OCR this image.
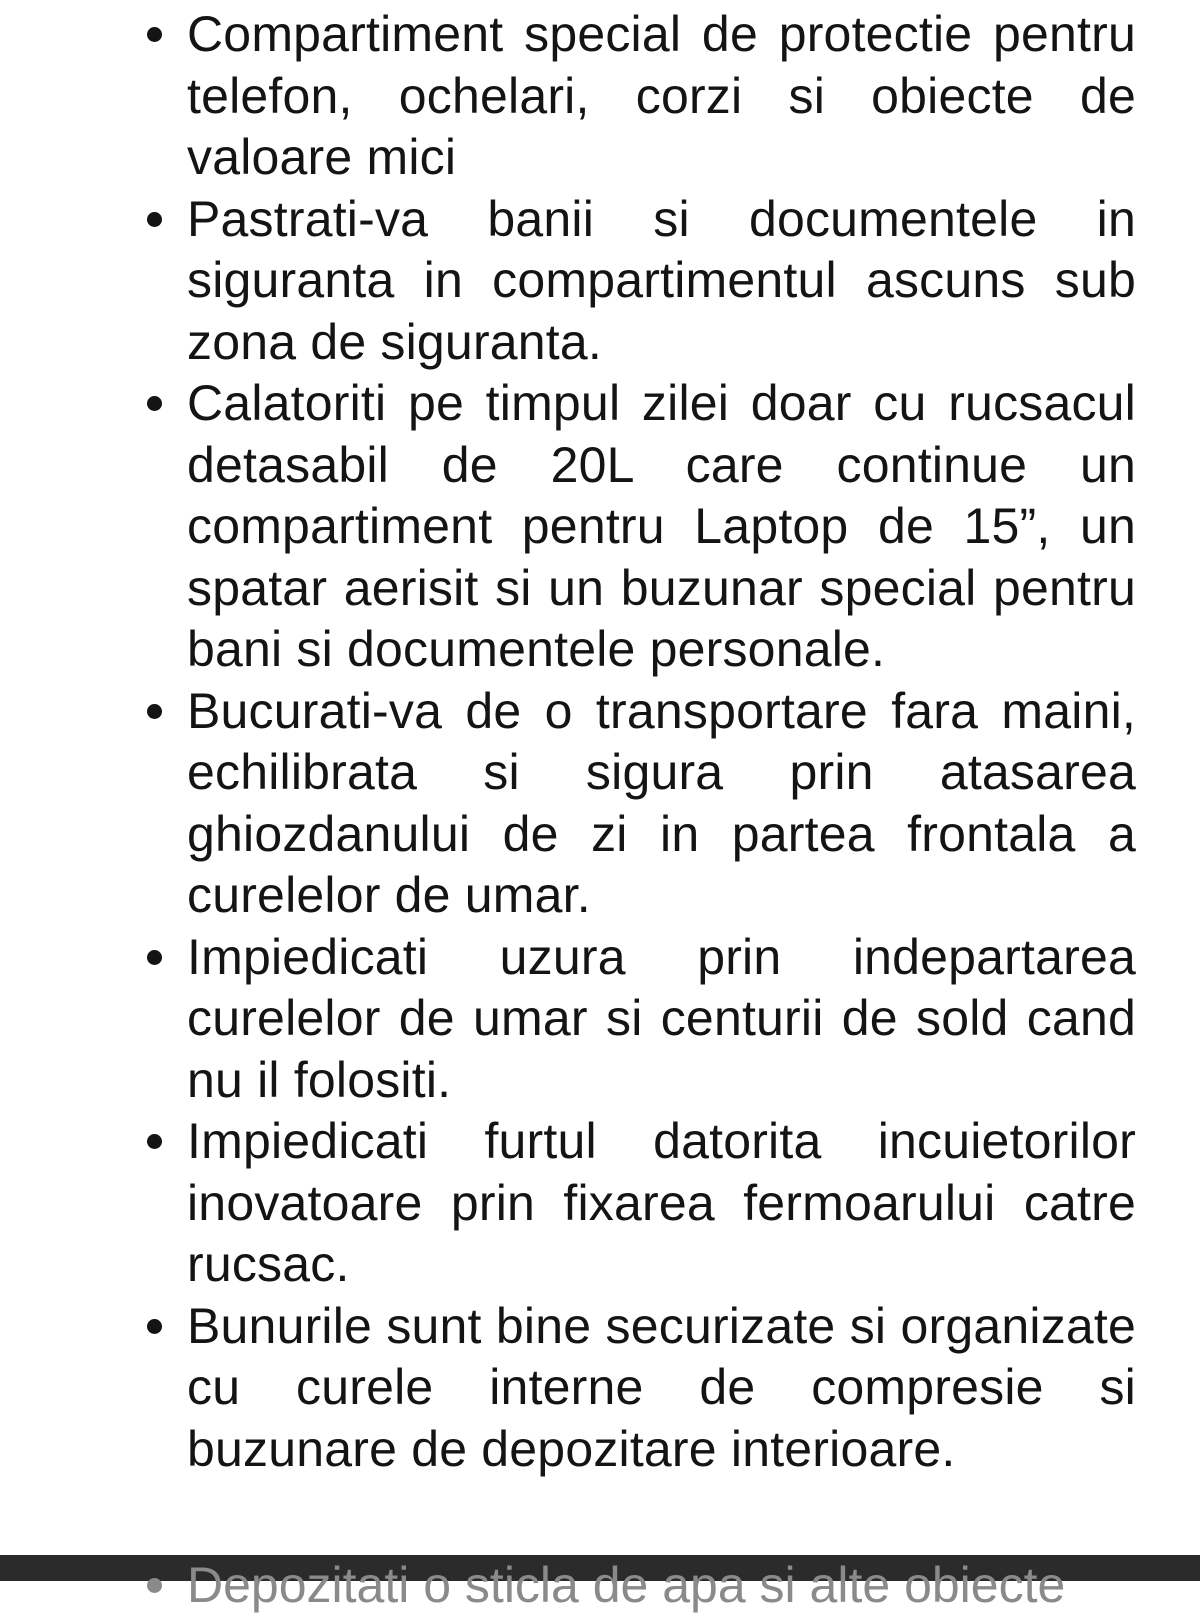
Compartiment special de protectie pentru telefon, ochelari, corzi si obiecte de valoare mici
Pastrati-va banii si documentele in siguranta in compartimentul ascuns sub zona de siguranta.
Calatoriti pe timpul zilei doar cu rucsacul detasabil de 20L care continue un compartiment pentru Laptop de 15”, un spatar aerisit si un buzunar special pentru bani si documentele personale.
Bucurati-va de o transportare fara maini, echilibrata si sigura prin atasarea ghiozdanului de zi in partea frontala a curelelor de umar.
Impiedicati uzura prin indepartarea curelelor de umar si centurii de sold cand nu il folositi.
Impiedicati furtul datorita incuietorilor inovatoare prin fixarea fermoarului catre rucsac.
Bunurile sunt bine securizate si organizate cu curele interne de compresie si buzunare de depozitare interioare.
Depozitati o sticla de apa si alte obiecte
